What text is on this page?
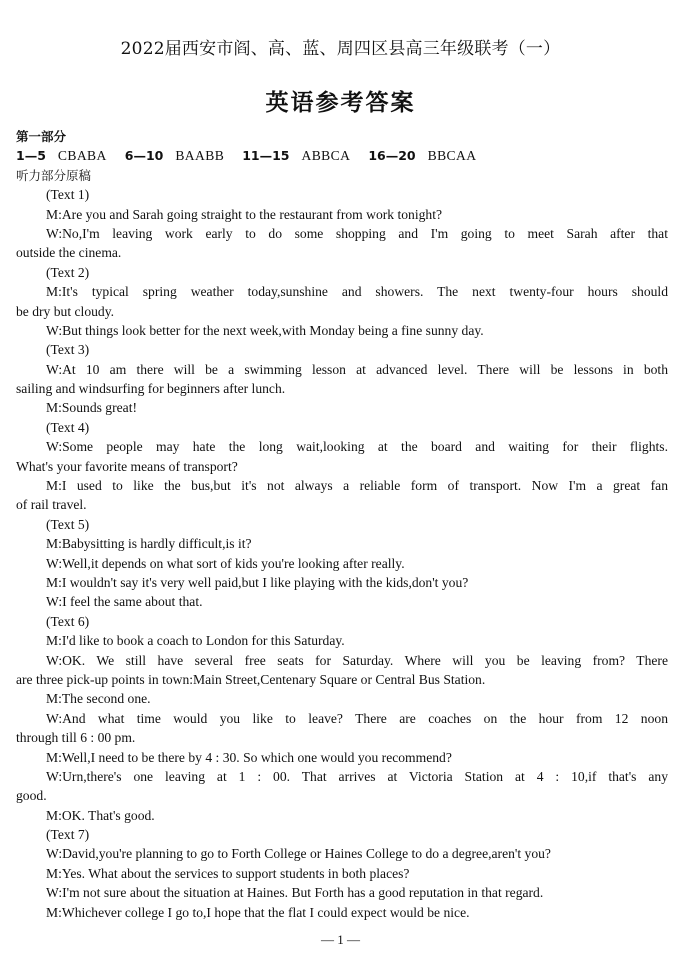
2022届西安市阎、高、蓝、周四区县高三年级联考（一）
英语参考答案
第一部分
1—5 CBABA 6—10 BAABB 11—15 ABBCA 16—20 BBCAA
听力部分原稿
(Text 1)
M:Are you and Sarah going straight to the restaurant from work tonight?
W:No,I'm leaving work early to do some shopping and I'm going to meet Sarah after that
outside the cinema.
(Text 2)
M:It's typical spring weather today,sunshine and showers. The next twenty-four hours should
be dry but cloudy.
W:But things look better for the next week,with Monday being a fine sunny day.
(Text 3)
W:At 10 am there will be a swimming lesson at advanced level. There will be lessons in both
sailing and windsurfing for beginners after lunch.
M:Sounds great!
(Text 4)
W:Some people may hate the long wait,looking at the board and waiting for their flights.
What's your favorite means of transport?
M:I used to like the bus,but it's not always a reliable form of transport. Now I'm a great fan
of rail travel.
(Text 5)
M:Babysitting is hardly difficult,is it?
W:Well,it depends on what sort of kids you're looking after really.
M:I wouldn't say it's very well paid,but I like playing with the kids,don't you?
W:I feel the same about that.
(Text 6)
M:I'd like to book a coach to London for this Saturday.
W:OK. We still have several free seats for Saturday. Where will you be leaving from? There
are three pick-up points in town:Main Street,Centenary Square or Central Bus Station.
M:The second one.
W:And what time would you like to leave? There are coaches on the hour from 12 noon
through till 6 : 00 pm.
M:Well,I need to be there by 4 : 30. So which one would you recommend?
W:Urn,there's one leaving at 1 : 00. That arrives at Victoria Station at 4 : 10,if that's any
good.
M:OK. That's good.
(Text 7)
W:David,you're planning to go to Forth College or Haines College to do a degree,aren't you?
M:Yes. What about the services to support students in both places?
W:I'm not sure about the situation at Haines. But Forth has a good reputation in that regard.
M:Whichever college I go to,I hope that the flat I could expect would be nice.
— 1 —
